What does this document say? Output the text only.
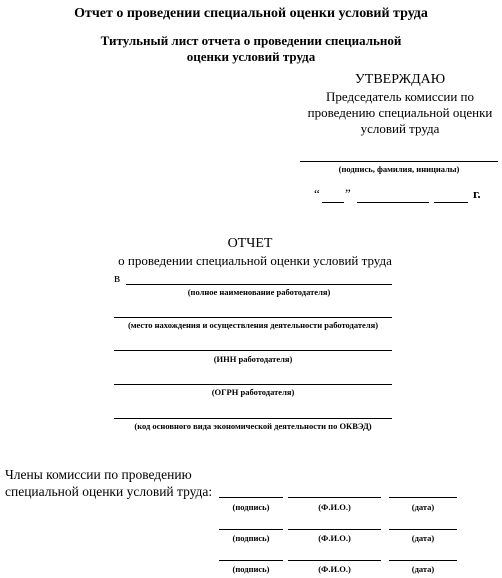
Отчет о проведении специальной оценки условий труда
Титульный лист отчета о проведении специальной
оценки условий труда
УТВЕРЖДАЮ
Председатель комиссии по
проведению специальной оценки
условий труда
(подпись, фамилия, инициалы)
“ ”	г.
ОТЧЕТ
о проведении специальной оценки условий труда
в
(полное наименование работодателя)
(место нахождения и осуществления деятельности работодателя)
(ИНН работодателя)
(ОГРН работодателя)
(код основного вида экономической деятельности по ОКВЭД)
Члены комиссии по проведению
специальной оценки условий труда:
(подпись)	(Ф.И.О.)	(дата)
(подпись)	(Ф.И.О.)	(дата)
(подпись)	(Ф.И.О.)	(дата)
